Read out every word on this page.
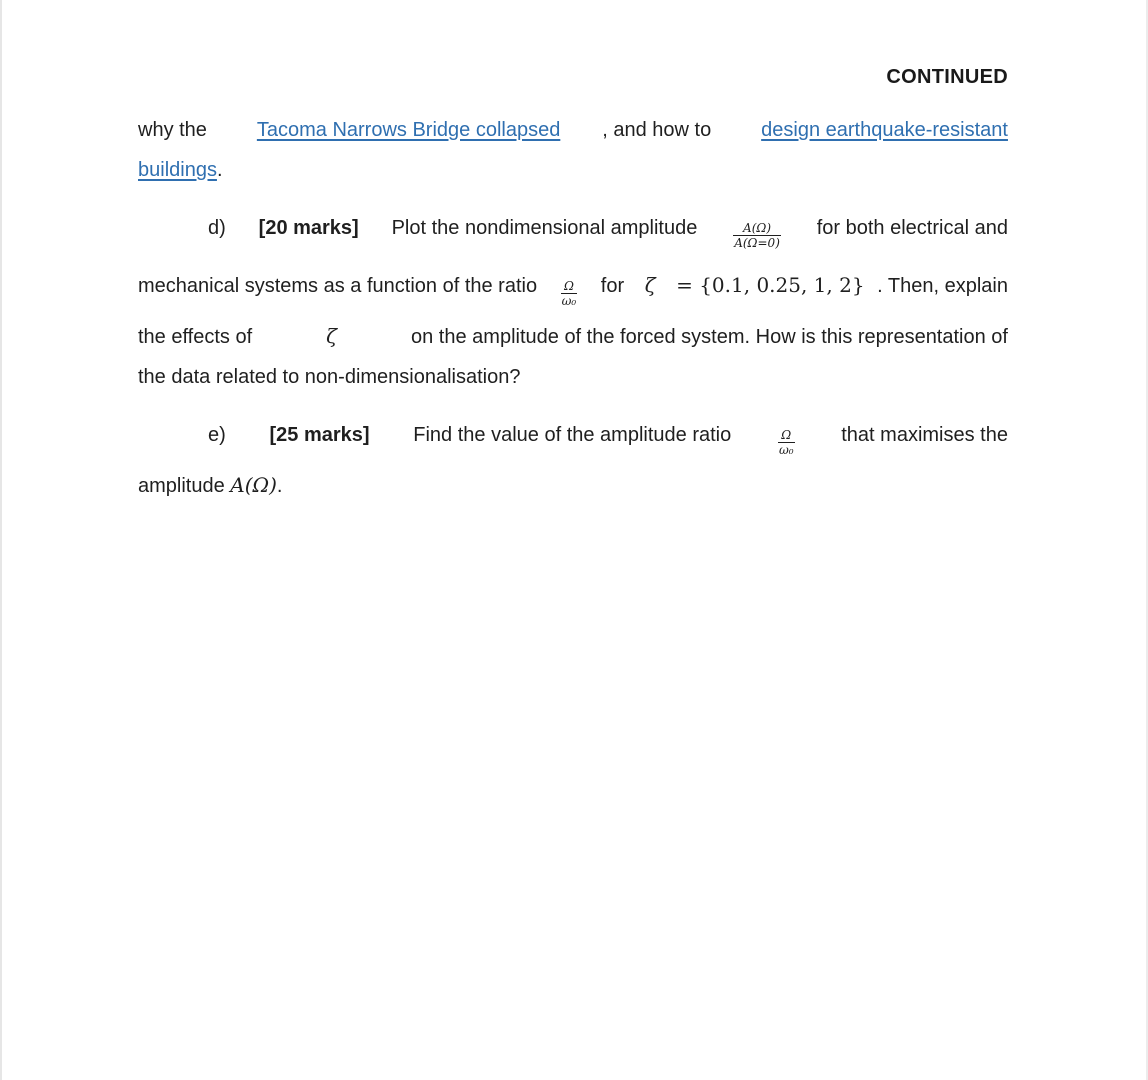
CONTINUED
why the Tacoma Narrows Bridge collapsed , and how to design earthquake-resistant
buildings.
d) [20 marks] Plot the nondimensional amplitude	$\frac{A(\Omega)}{A(\Omega=0)}$ for both electrical and
mechanical systems as a function of the ratio $\frac{\Omega}{\text{ω₀}}$ for ζ = {0.1, 0.25, 1, 2} . Then, explain
the effects of	ζ	on the amplitude of the forced system. How is this representation of
the data related to non-dimensionalisation?
e) [25 marks] Find the value of the amplitude ratio	$\frac{\Omega}{\text{ω₀}}$ that maximises the
amplitude A(Ω).
